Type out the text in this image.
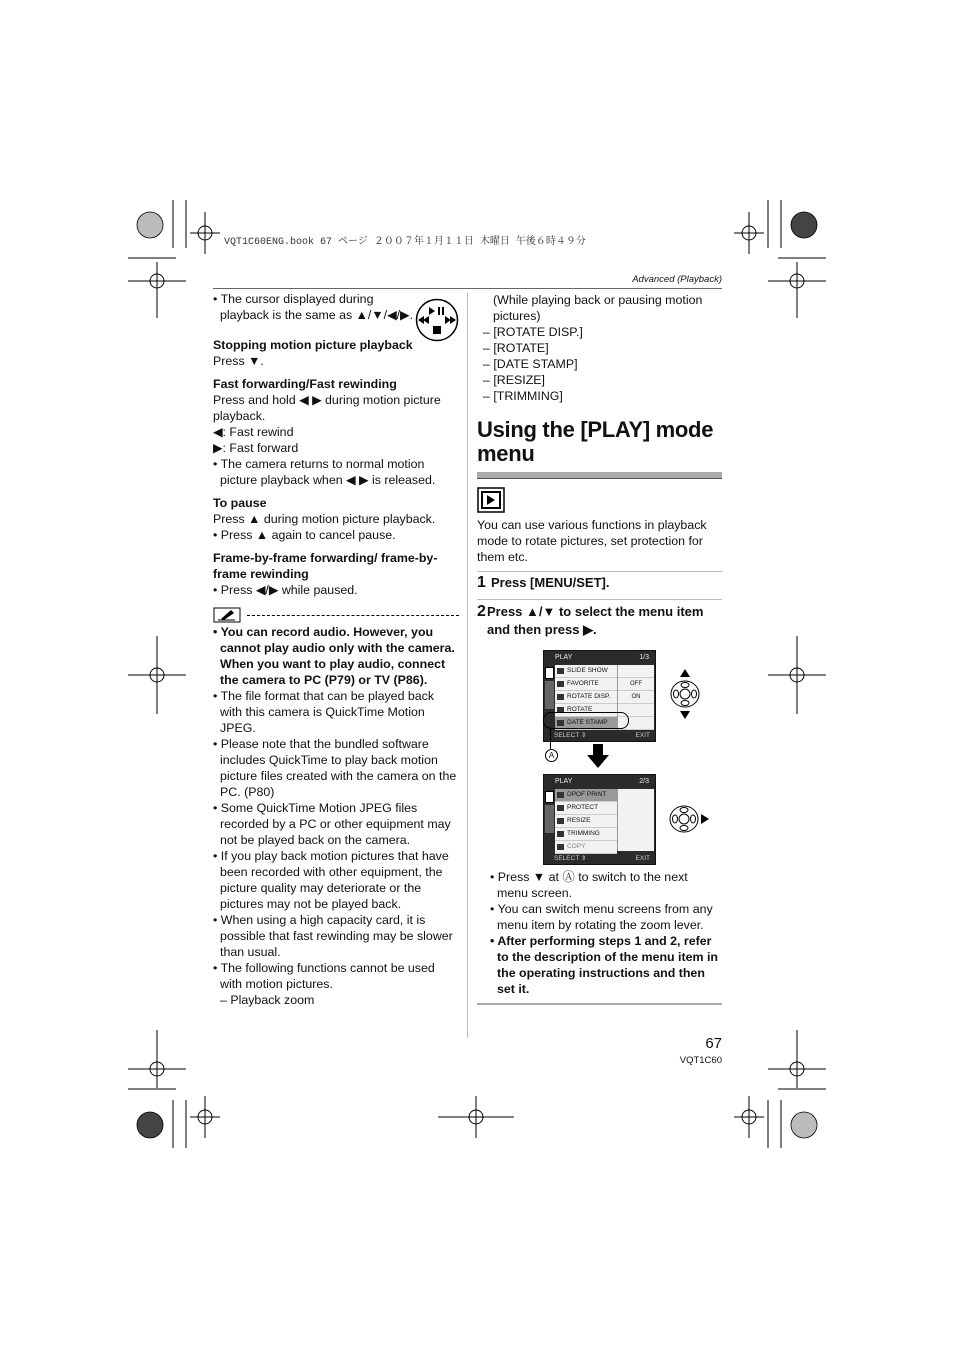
VQT1C60ENG.book 67 ページ ２００７年１月１１日 木曜日 午後６時４９分
Advanced (Playback)

• The cursor displayed during playback is the same as ▲/▼/◀/▶.

Stopping motion picture playback

Press ▼.

Fast forwarding/Fast rewinding

Press and hold ◀ ▶ during motion picture playback.

◀: Fast rewind

▶: Fast forward

• The camera returns to normal motion picture playback when ◀ ▶ is released.

To pause

Press ▲ during motion picture playback.

• Press ▲ again to cancel pause.

Frame-by-frame forwarding/ frame-by-frame rewinding

• Press ◀/▶ while paused.

• You can record audio. However, you cannot play audio only with the camera. When you want to play audio, connect the camera to PC (P79) or TV (P86).

• The file format that can be played back with this camera is QuickTime Motion JPEG.

• Please note that the bundled software includes QuickTime to play back motion picture files created with the camera on the PC. (P80)

• Some QuickTime Motion JPEG files recorded by a PC or other equipment may not be played back on the camera.

• If you play back motion pictures that have been recorded with other equipment, the picture quality may deteriorate or the pictures may not be played back.

• When using a high capacity card, it is possible that fast rewinding may be slower than usual.

• The following functions cannot be used with motion pictures.

– Playback zoom

(While playing back or pausing motion pictures)

– [ROTATE DISP.]

– [ROTATE]

– [DATE STAMP]

– [RESIZE]

– [TRIMMING]

Using the [PLAY] mode menu

You can use various functions in playback mode to rotate pictures, set protection for them etc.

1 Press [MENU/SET].
2 Press ▲/▼ to select the menu item and then press ▶.
PLAY	1/3
SLIDE SHOW
FAVORITE
ROTATE DISP.
ROTATE
DATE STAMP
OFF
ON
SELECT ⇕	EXIT
A
PLAY	2/3
DPOF PRINT
PROTECT
RESIZE
TRIMMING
COPY
SELECT ⇕	EXIT

• Press ▼ at Ⓐ to switch to the next menu screen.

• You can switch menu screens from any menu item by rotating the zoom lever.

• After performing steps 1 and 2, refer to the description of the menu item in the operating instructions and then set it.

67
VQT1C60
